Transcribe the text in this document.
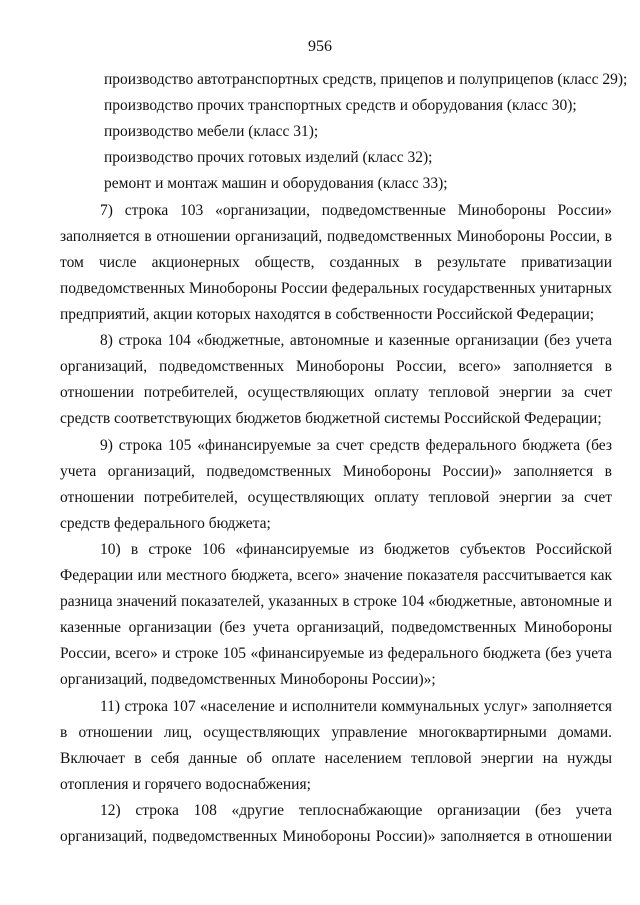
956
производство автотранспортных средств, прицепов и полуприцепов (класс 29);
производство прочих транспортных средств и оборудования (класс 30);
производство мебели (класс 31);
производство прочих готовых изделий (класс 32);
ремонт и монтаж машин и оборудования (класс 33);
7) строка 103 «организации, подведомственные Минобороны России»
заполняется в отношении организаций, подведомственных Минобороны России, в
том числе акционерных обществ, созданных в результате приватизации
подведомственных Минобороны России федеральных государственных унитарных
предприятий, акции которых находятся в собственности Российской Федерации;
8) строка 104 «бюджетные, автономные и казенные организации (без учета
организаций, подведомственных Минобороны России, всего» заполняется в
отношении потребителей, осуществляющих оплату тепловой энергии за счет
средств соответствующих бюджетов бюджетной системы Российской Федерации;
9) строка 105 «финансируемые за счет средств федерального бюджета (без
учета организаций, подведомственных Минобороны России)» заполняется в
отношении потребителей, осуществляющих оплату тепловой энергии за счет
средств федерального бюджета;
10) в строке 106 «финансируемые из бюджетов субъектов Российской
Федерации или местного бюджета, всего» значение показателя рассчитывается как
разница значений показателей, указанных в строке 104 «бюджетные, автономные и
казенные организации (без учета организаций, подведомственных Минобороны
России, всего» и строке 105 «финансируемые из федерального бюджета (без учета
организаций, подведомственных Минобороны России)»;
11) строка 107 «население и исполнители коммунальных услуг» заполняется
в отношении лиц, осуществляющих управление многоквартирными домами.
Включает в себя данные об оплате населением тепловой энергии на нужды
отопления и горячего водоснабжения;
12) строка 108 «другие теплоснабжающие организации (без учета
организаций, подведомственных Минобороны России)» заполняется в отношении
